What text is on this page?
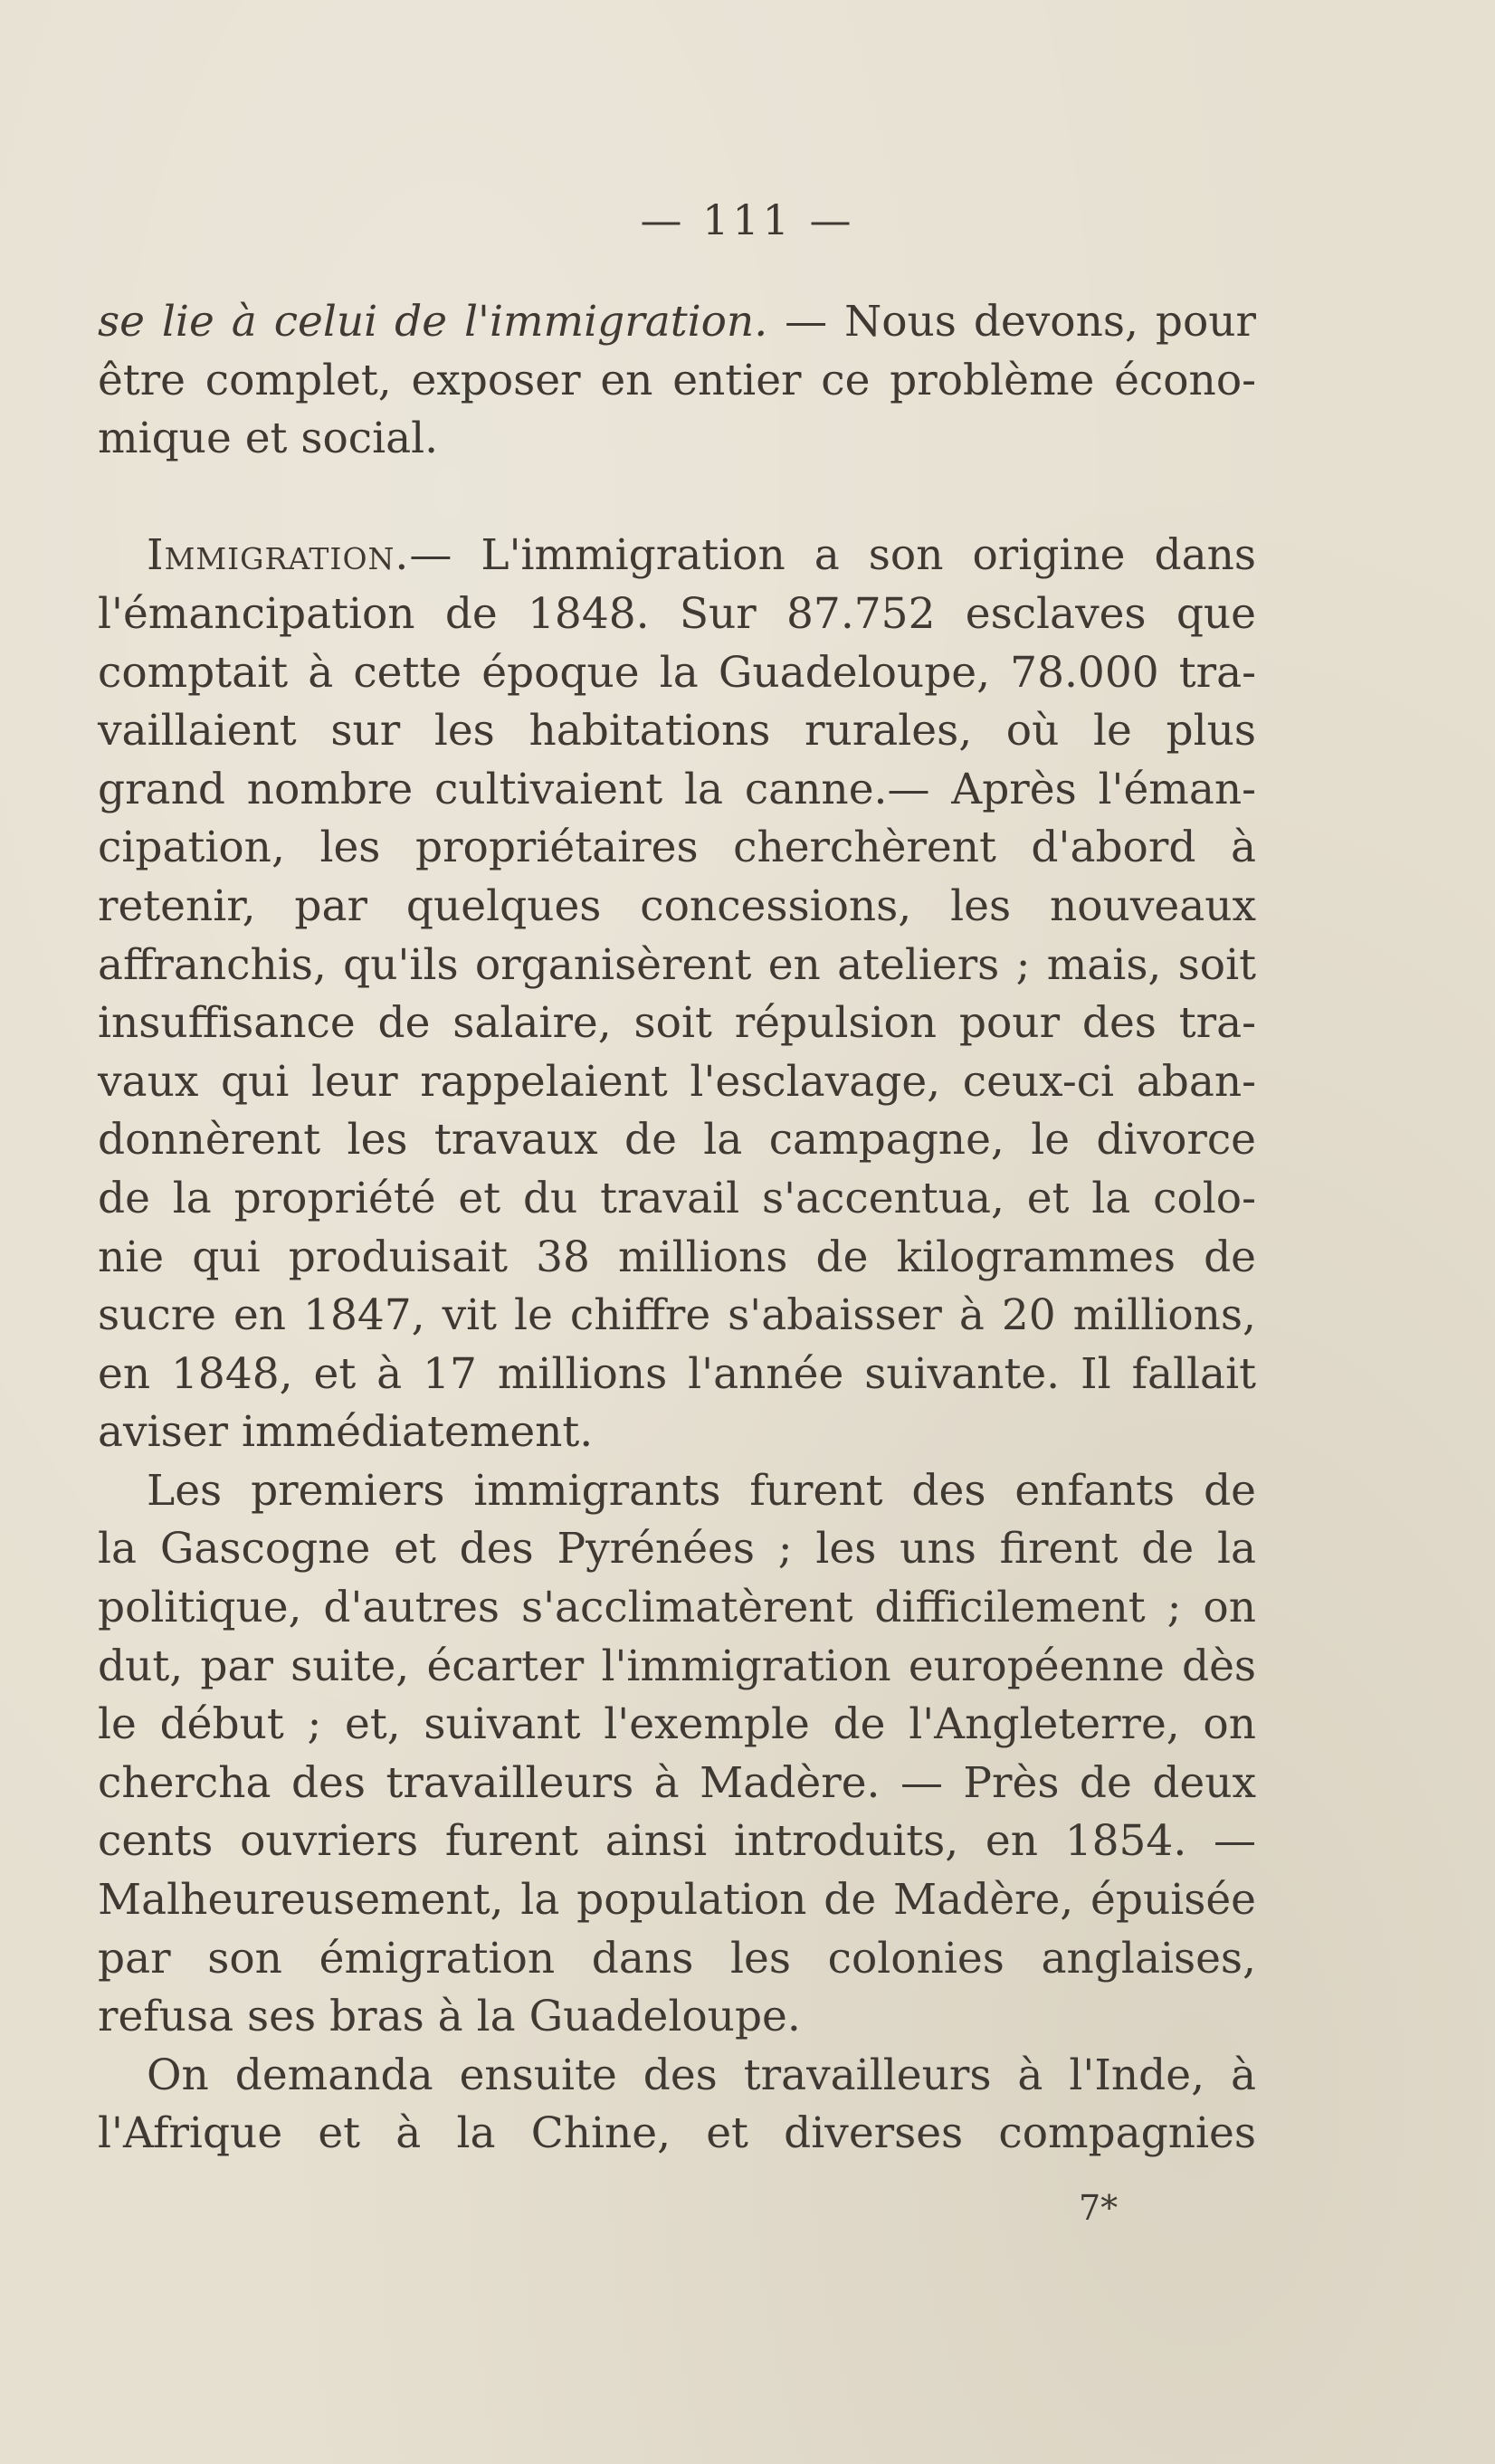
— 111 —
se lie à celui de l'immigration. — Nous devons, pour
être complet, exposer en entier ce problème écono-
mique et social.
Immigration.— L'immigration a son origine dans
l'émancipation de 1848. Sur 87.752 esclaves que
comptait à cette époque la Guadeloupe, 78.000 tra-
vaillaient sur les habitations rurales, où le plus
grand nombre cultivaient la canne.— Après l'éman-
cipation, les propriétaires cherchèrent d'abord à
retenir, par quelques concessions, les nouveaux
affranchis, qu'ils organisèrent en ateliers ; mais, soit
insuffisance de salaire, soit répulsion pour des tra-
vaux qui leur rappelaient l'esclavage, ceux-ci aban-
donnèrent les travaux de la campagne, le divorce
de la propriété et du travail s'accentua, et la colo-
nie qui produisait 38 millions de kilogrammes de
sucre en 1847, vit le chiffre s'abaisser à 20 millions,
en 1848, et à 17 millions l'année suivante. Il fallait
aviser immédiatement.
Les premiers immigrants furent des enfants de
la Gascogne et des Pyrénées ; les uns firent de la
politique, d'autres s'acclimatèrent difficilement ; on
dut, par suite, écarter l'immigration européenne dès
le début ; et, suivant l'exemple de l'Angleterre, on
chercha des travailleurs à Madère. — Près de deux
cents ouvriers furent ainsi introduits, en 1854. —
Malheureusement, la population de Madère, épuisée
par son émigration dans les colonies anglaises,
refusa ses bras à la Guadeloupe.
On demanda ensuite des travailleurs à l'Inde, à
l'Afrique et à la Chine, et diverses compagnies
7*
